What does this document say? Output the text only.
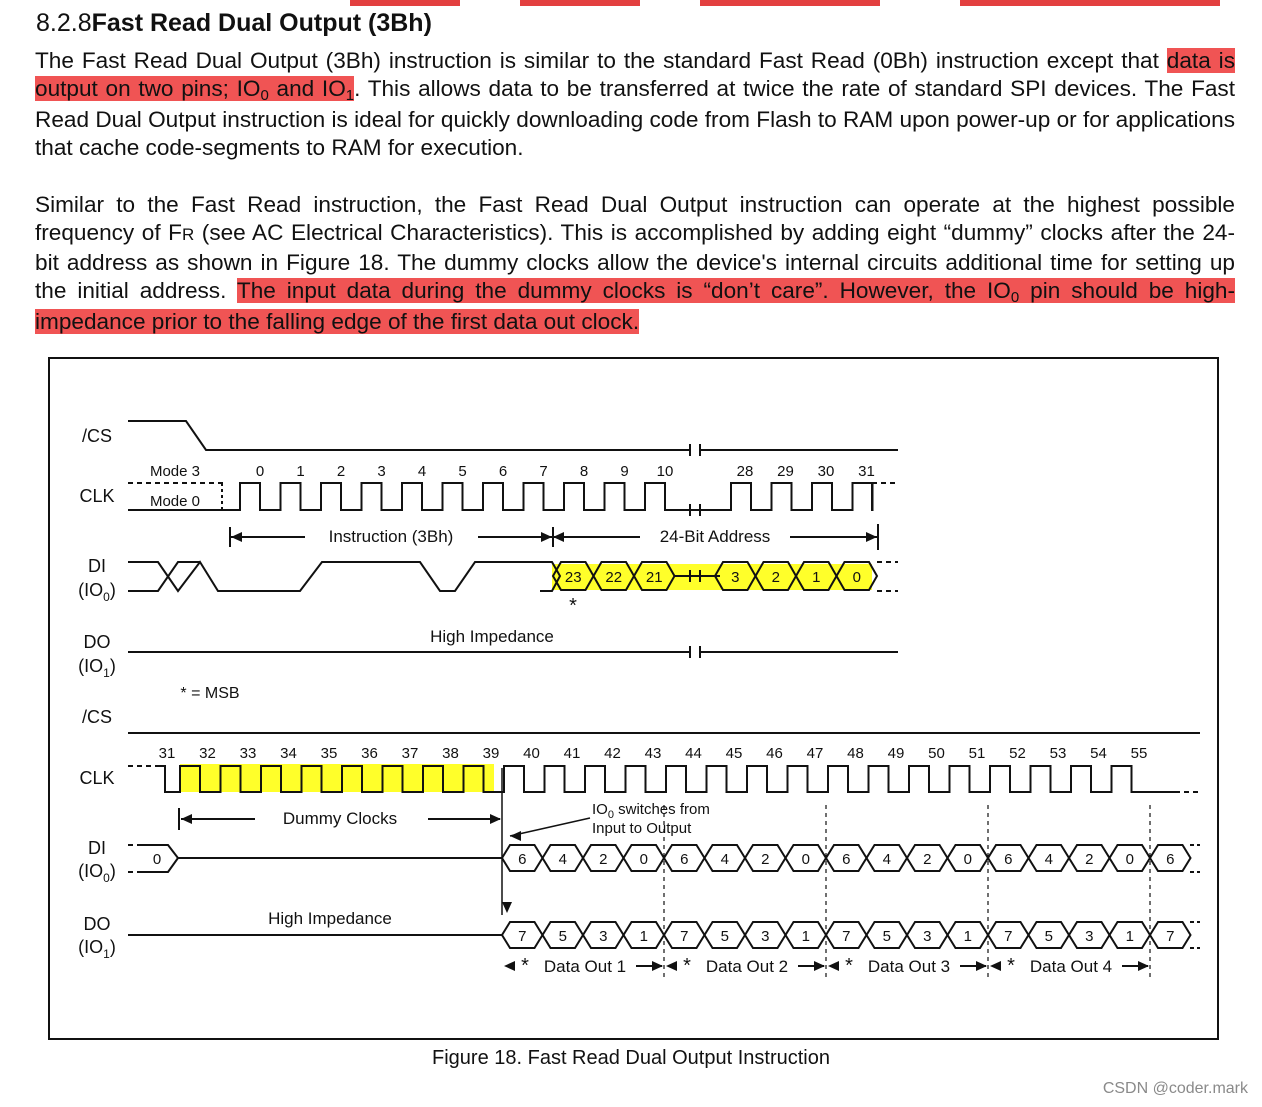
8.2.8Fast Read Dual Output (3Bh)
The Fast Read Dual Output (3Bh) instruction is similar to the standard Fast Read (0Bh) instruction except that data is output on two pins; IO0 and IO1. This allows data to be transferred at twice the rate of standard SPI devices. The Fast Read Dual Output instruction is ideal for quickly downloading code from Flash to RAM upon power-up or for applications that cache code-segments to RAM for execution.
Similar to the Fast Read instruction, the Fast Read Dual Output instruction can operate at the highest possible frequency of FR (see AC Electrical Characteristics). This is accomplished by adding eight “dummy” clocks after the 24-bit address as shown in Figure 18. The dummy clocks allow the device's internal circuits additional time for setting up the initial address. The input data during the dummy clocks is “don’t care”. However, the IO0 pin should be high-impedance prior to the falling edge of the first data out clock.
/CS
CLK
DI
$(IO_0)$
DO
$(IO_1)$
Mode 3
Mode 0
0 1 2 3 4 5 6 7 8 9 10	28 29 30 31
Instruction (3Bh)	24-Bit Address
23 22 21	3 2 1 0
*
High Impedance
* = MSB
/CS
CLK
DI
$(IO_0)$
DO
$(IO_1)$
31 32 33 34 35 36 37 38 39 40 41 42 43 44 45 46 47 48 49 50 51 52 53 54 55
Dummy Clocks	$IO_0$ switches from
Input to Output
0	6 4 2 0 6 4 2 0 6 4 2 0 6 4 2 0 6
High Impedance
7 5 3 1 7 5 3 1 7 5 3 1 7 5 3 1 7
* Data Out 1	* Data Out 2	* Data Out 3	* Data Out 4
Figure 18. Fast Read Dual Output Instruction
CSDN @coder.mark
